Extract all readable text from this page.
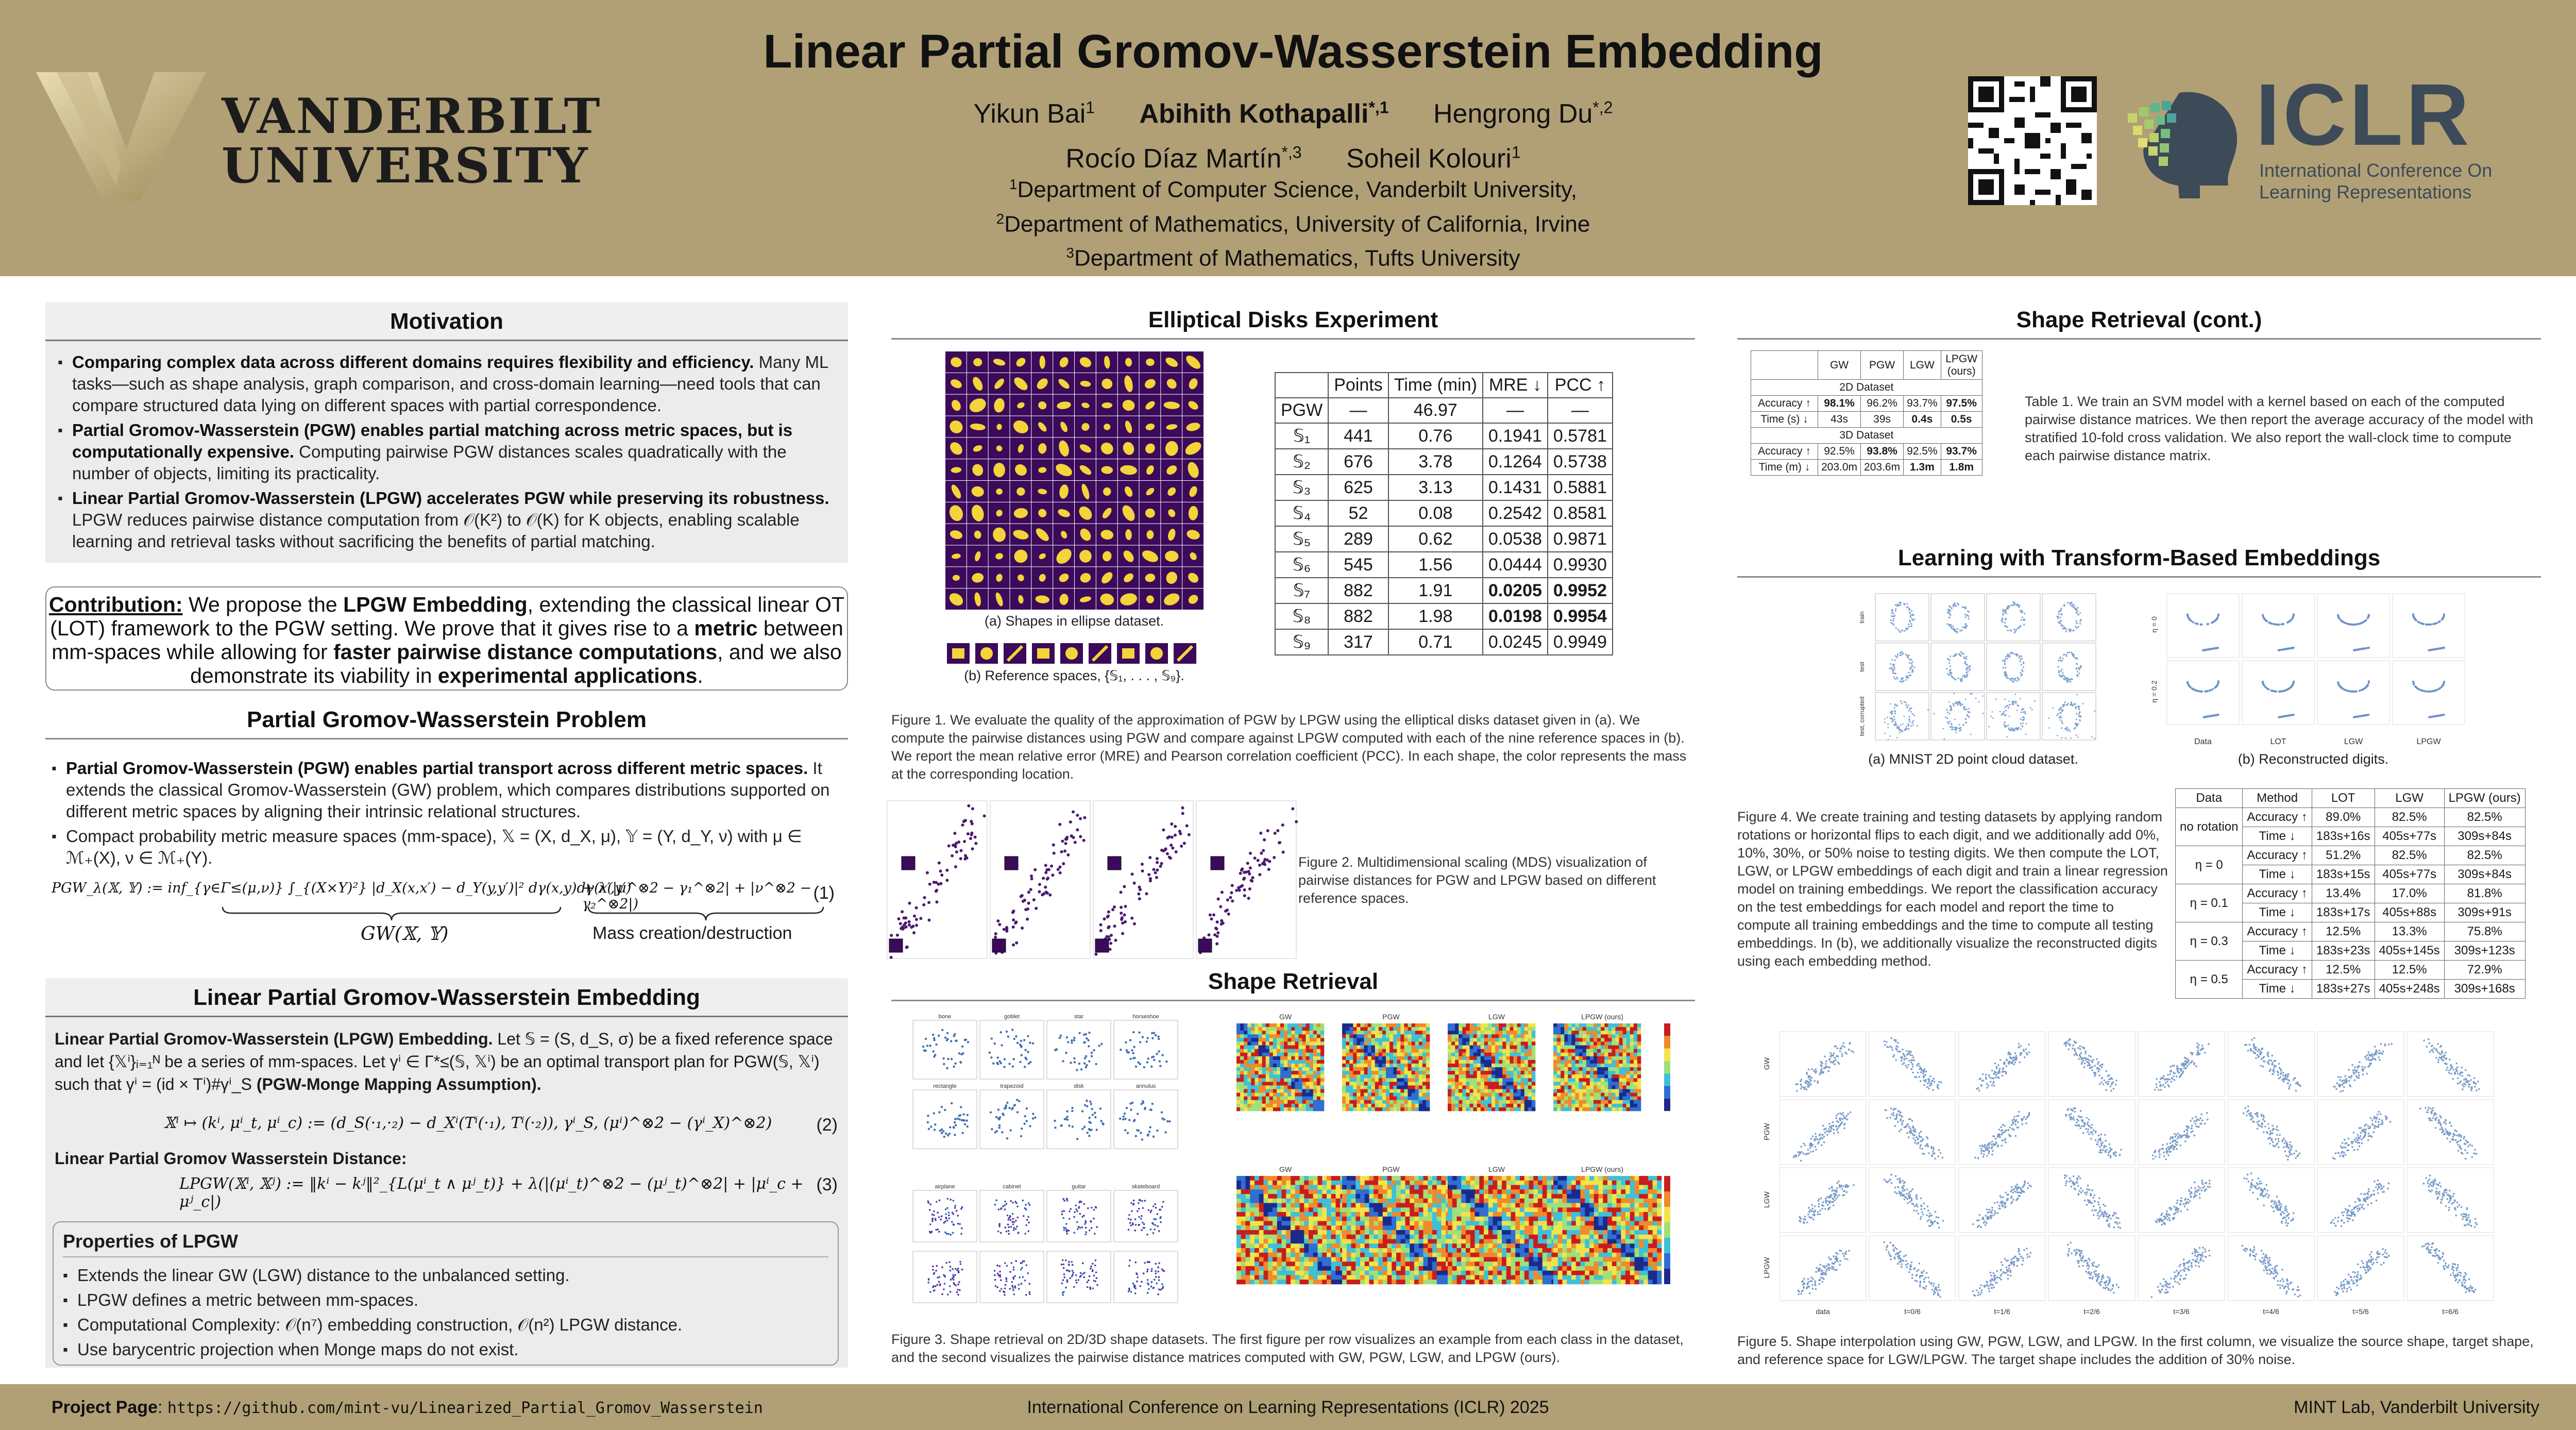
VANDERBILT
UNIVERSITY
Linear Partial Gromov-Wasserstein Embedding
Yikun Bai$^1$ Abihith Kothapalli$^{*,1}$ Hengrong $Du^{*,2}$
Rocío Díaz Martín$^{*,3}$ Soheil Kolouri$^1$
$^1$Department of Computer Science, Vanderbilt University,
$^2$Department of Mathematics, University of California, Irvine
$^3$Department of Mathematics, Tufts University
ICLR
International Conference On
Learning Representations
Motivation
▪ Comparing complex data across different domains requires flexibility and efficiency. Many ML tasks—such as shape analysis, graph comparison, and cross-domain learning—need tools that can compare structured data lying on different spaces with partial correspondence.
▪ Partial Gromov-Wasserstein (PGW) enables partial matching across metric spaces, but is computationally expensive. Computing pairwise PGW distances scales quadratically with the number of objects, limiting its practicality.
▪ Linear Partial Gromov-Wasserstein (LPGW) accelerates PGW while preserving its robustness. LPGW reduces pairwise distance computation from 𝒪(K²) to 𝒪(K) for K objects, enabling scalable learning and retrieval tasks without sacrificing the benefits of partial matching.
Contribution: We propose the LPGW Embedding, extending the classical linear OT (LOT) framework to the PGW setting. We prove that it gives rise to a metric between mm-spaces while allowing for faster pairwise distance computations, and we also demonstrate its viability in experimental applications.
Partial Gromov-Wasserstein Problem
▪ Partial Gromov-Wasserstein (PGW) enables partial transport across different metric spaces. It extends the classical Gromov-Wasserstein (GW) problem, which compares distributions supported on different metric spaces by aligning their intrinsic relational structures.
▪ Compact probability metric measure spaces (mm-space), 𝕏 = (X, d_X, μ), 𝕐 = (Y, d_Y, ν) with μ ∈ ℳ₊(X), ν ∈ ℳ₊(Y).
PGW_λ(𝕏, 𝕐) := inf_{γ∈Γ≤(μ,ν)} ∫_{(X×Y)²} |d_X(x,x′) − d_Y(y,y′)|² dγ(x,y)dγ(x′,y′)
+ λ(|μ^⊗2 − γ₁^⊗2| + |ν^⊗2 − γ₂^⊗2|)
GW(𝕏, 𝕐)	Mass creation/destruction
(1)
Linear Partial Gromov-Wasserstein Embedding
Linear Partial Gromov-Wasserstein (LPGW) Embedding. Let 𝕊 = (S, d_S, σ) be a fixed reference space and let {𝕏ⁱ}ᵢ₌₁ᴺ be a series of mm-spaces. Let γⁱ ∈ Γ*≤(𝕊, 𝕏ⁱ) be an optimal transport plan for PGW(𝕊, 𝕏ⁱ) such that γⁱ = (id × Tⁱ)#γⁱ_S (PGW-Monge Mapping Assumption).
𝕏ⁱ ↦ (kⁱ, μⁱ_t, μⁱ_c) := (d_S(·₁,·₂) − d_Xⁱ(Tⁱ(·₁), Tⁱ(·₂)), γⁱ_S, (μⁱ)^⊗2 − (γⁱ_X)^⊗2)	(2)
Linear Partial Gromov Wasserstein Distance:
LPGW(𝕏ⁱ, 𝕏ʲ) := ‖kⁱ − kʲ‖²_{L(μⁱ_t ∧ μʲ_t)} + λ(|(μⁱ_t)^⊗2 − (μʲ_t)^⊗2| + |μⁱ_c + μʲ_c|)
(3)
Properties of LPGW
▪ Extends the linear GW (LGW) distance to the unbalanced setting.
▪ LPGW defines a metric between mm-spaces.
▪ Computational Complexity: 𝒪(n⁷) embedding construction, 𝒪(n²) LPGW distance.
▪ Use barycentric projection when Monge maps do not exist.
Elliptical Disks Experiment
(a) Shapes in ellipse dataset.
(b) Reference spaces, {𝕊₁, . . . , 𝕊₉}.
	Points	Time (min)	MRE ↓	PCC ↑
PGW	—	46.97	—	—
𝕊₁	441	0.76	0.1941	0.5781
𝕊₂	676	3.78	0.1264	0.5738
𝕊₃	625	3.13	0.1431	0.5881
𝕊₄	52	0.08	0.2542	0.8581
𝕊₅	289	0.62	0.0538	0.9871
𝕊₆	545	1.56	0.0444	0.9930
𝕊₇	882	1.91	0.0205	0.9952
𝕊₈	882	1.98	0.0198	0.9954
𝕊₉	317	0.71	0.0245	0.9949
Figure 1. We evaluate the quality of the approximation of PGW by LPGW using the elliptical disks dataset given in (a). We compute the pairwise distances using PGW and compare against LPGW computed with each of the nine reference spaces in (b). We report the mean relative error (MRE) and Pearson correlation coefficient (PCC). In each shape, the color represents the mass at the corresponding location.
Figure 2. Multidimensional scaling (MDS) visualization of pairwise distances for PGW and LPGW based on different reference spaces.
Shape Retrieval
bone	goblet	star	horseshoe
rectangle	trapezoid	disk	annulus
airplane	cabinet	guitar	skateboard
GW	PGW	LGW	LPGW (ours)
GW	PGW	LGW	LPGW (ours)
Figure 3. Shape retrieval on 2D/3D shape datasets. The first figure per row visualizes an example from each class in the dataset, and the second visualizes the pairwise distance matrices computed with GW, PGW, LGW, and LPGW (ours).
Shape Retrieval (cont.)
	GW	PGW	LGW	LPGW (ours)
2D Dataset				
Accuracy ↑	98.1%	96.2%	93.7%	97.5%
Time (s) ↓	43s	39s	0.4s	0.5s
3D Dataset				
Accuracy ↑	92.5%	93.8%	92.5%	93.7%
Time (m) ↓	203.0m	203.6m	1.3m	1.8m
Table 1. We train an SVM model with a kernel based on each of the computed pairwise distance matrices. We then report the average accuracy of the model with stratified 10-fold cross validation. We also report the wall-clock time to compute each pairwise distance matrix.
Learning with Transform-Based Embeddings
train
test
test, corrupted
(a) MNIST 2D point cloud dataset.
η = 0
η = 0.2
Data	LOT	LGW	LPGW
(b) Reconstructed digits.
Figure 4. We create training and testing datasets by applying random rotations or horizontal flips to each digit, and we additionally add 0%, 10%, 30%, or 50% noise to testing digits. We then compute the LOT, LGW, or LPGW embeddings of each digit and train a linear regression model on training embeddings. We report the classification accuracy on the test embeddings for each model and report the time to compute all training embeddings and the time to compute all testing embeddings. In (b), we additionally visualize the reconstructed digits using each embedding method.
Data	Method	LOT	LGW	LPGW (ours)
no rotation	Accuracy ↑	89.0%	82.5%	82.5%
	Time ↓	183s+16s	405s+77s	309s+84s
η = 0	Accuracy ↑	51.2%	82.5%	82.5%
	Time ↓	183s+15s	405s+77s	309s+84s
η = 0.1	Accuracy ↑	13.4%	17.0%	81.8%
	Time ↓	183s+17s	405s+88s	309s+91s
η = 0.3	Accuracy ↑	12.5%	13.3%	75.8%
	Time ↓	183s+23s	405s+145s	309s+123s
η = 0.5	Accuracy ↑	12.5%	12.5%	72.9%
	Time ↓	183s+27s	405s+248s	309s+168s
GW
PGW
LGW
LPGW
data	t=0/6	t=1/6	t=2/6	t=3/6	t=4/6	t=5/6	t=6/6
Figure 5. Shape interpolation using GW, PGW, LGW, and LPGW. In the first column, we visualize the source shape, target shape, and reference space for LGW/LPGW. The target shape includes the addition of 30% noise.
Project Page: https://github.com/mint-vu/Linearized_Partial_Gromov_Wasserstein	International Conference on Learning Representations (ICLR) 2025	MINT Lab, Vanderbilt University
